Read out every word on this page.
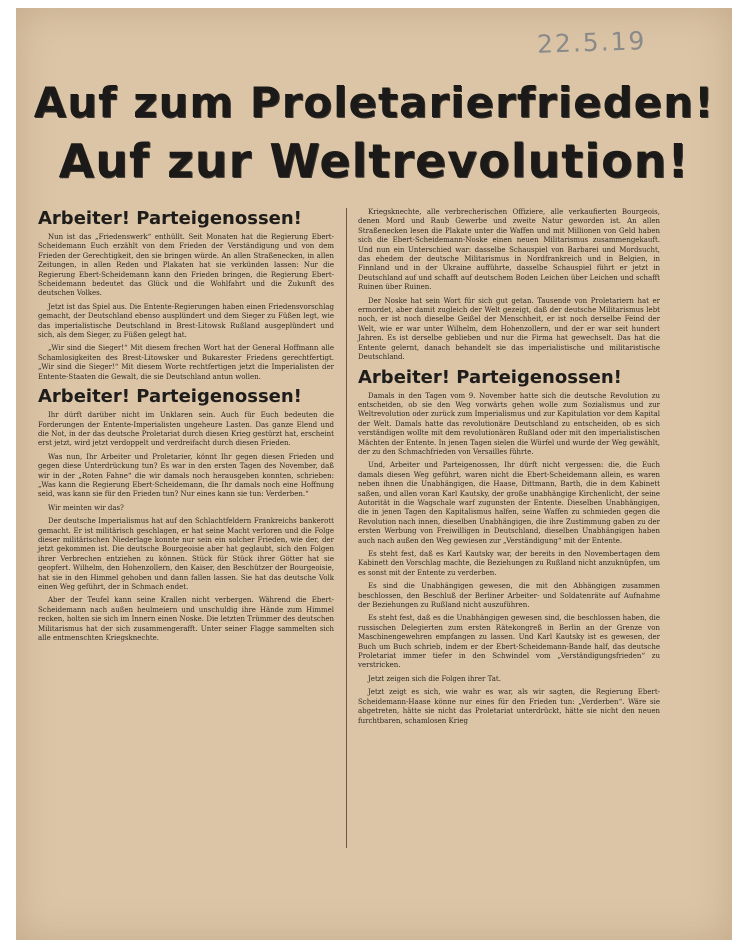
22.5.19
Auf zum Proletarierfrieden!
Auf zur Weltrevolution!
Arbeiter! Parteigenossen!

Nun ist das „Friedenswerk“ enthüllt. Seit Monaten hat die Regierung Ebert-Scheidemann Euch erzählt von dem Frieden der Verständigung und von dem Frieden der Gerechtigkeit, den sie bringen würde. An allen Straßenecken, in allen Zeitungen, in allen Reden und Plakaten hat sie verkünden lassen: Nur die Regierung Ebert-Scheidemann kann den Frieden bringen, die Regierung Ebert-Scheidemann bedeutet das Glück und die Wohlfahrt und die Zukunft des deutschen Volkes.

Jetzt ist das Spiel aus. Die Entente-Regierungen haben einen Friedensvorschlag gemacht, der Deutschland ebenso ausplündert und dem Sieger zu Füßen legt, wie das imperialistische Deutschland in Brest-Litowsk Rußland ausgeplündert und sich, als dem Sieger, zu Füßen gelegt hat.

„Wir sind die Sieger!“ Mit diesem frechen Wort hat der General Hoffmann alle Schamlosigkeiten des Brest-Litowsker und Bukarester Friedens gerechtfertigt. „Wir sind die Sieger!“ Mit diesem Worte rechtfertigen jetzt die Imperialisten der Entente-Staaten die Gewalt, die sie Deutschland antun wollen.

Arbeiter! Parteigenossen!

Ihr dürft darüber nicht im Unklaren sein. Auch für Euch bedeuten die Forderungen der Entente-Imperialisten ungeheure Lasten. Das ganze Elend und die Not, in der das deutsche Proletariat durch diesen Krieg gestürzt hat, erscheint erst jetzt, wird jetzt verdoppelt und verdreifacht durch diesen Frieden.

Was nun, Ihr Arbeiter und Proletarier, könnt Ihr gegen diesen Frieden und gegen diese Unterdrückung tun? Es war in den ersten Tagen des November, daß wir in der „Roten Fahne“ die wir damals noch herausgeben konnten, schrieben: „Was kann die Regierung Ebert-Scheidemann, die Ihr damals noch eine Hoffnung seid, was kann sie für den Frieden tun? Nur eines kann sie tun: Verderben.“

Wir meinten wir das?

Der deutsche Imperialismus hat auf den Schlachtfeldern Frankreichs bankerott gemacht. Er ist militärisch geschlagen, er hat seine Macht verloren und die Folge dieser militärischen Niederlage konnte nur sein ein solcher Frieden, wie der, der jetzt gekommen ist. Die deutsche Bourgeoisie aber hat geglaubt, sich den Folgen ihrer Verbrechen entziehen zu können. Stück für Stück ihrer Götter hat sie geopfert. Wilhelm, den Hohenzollern, den Kaiser, den Beschützer der Bourgeoisie, hat sie in den Himmel gehoben und dann fallen lassen. Sie hat das deutsche Volk einen Weg geführt, der in Schmach endet.

Aber der Teufel kann seine Krallen nicht verbergen. Während die Ebert-Scheidemann nach außen heulmeiern und unschuldig ihre Hände zum Himmel recken, holten sie sich im Innern einen Noske. Die letzten Trümmer des deutschen Militarismus hat der sich zusammengerafft. Unter seiner Flagge sammelten sich alle entmenschten Kriegsknechte.

Kriegsknechte, alle verbrecherischen Offiziere, alle verkaufierten Bourgeois, denen Mord und Raub Gewerbe und zweite Natur geworden ist. An allen Straßenecken lesen die Plakate unter die Waffen und mit Millionen von Geld haben sich die Ebert-Scheidemann-Noske einen neuen Militarismus zusammengekauft. Und nun ein Unterschied war: dasselbe Schauspiel von Barbarei und Mordsucht, das ehedem der deutsche Militarismus in Nordfrankreich und in Belgien, in Finnland und in der Ukraine aufführte, dasselbe Schauspiel führt er jetzt in Deutschland auf und schafft auf deutschem Boden Leichen über Leichen und schafft Ruinen über Ruinen.

Der Noske hat sein Wort für sich gut getan. Tausende von Proletariern hat er ermordet, aber damit zugleich der Welt gezeigt, daß der deutsche Militarismus lebt noch, er ist noch dieselbe Geißel der Menschheit, er ist noch derselbe Feind der Welt, wie er war unter Wilhelm, dem Hohenzollern, und der er war seit hundert Jahren. Es ist derselbe geblieben und nur die Firma hat gewechselt. Das hat die Entente gelernt, danach behandelt sie das imperialistische und militaristische Deutschland.

Arbeiter! Parteigenossen!

Damals in den Tagen vom 9. November hatte sich die deutsche Revolution zu entscheiden, ob sie den Weg vorwärts gehen wolle zum Sozialismus und zur Weltrevolution oder zurück zum Imperialismus und zur Kapitulation vor dem Kapital der Welt. Damals hatte das revolutionäre Deutschland zu entscheiden, ob es sich verständigen wollte mit dem revolutionären Rußland oder mit den imperialistischen Mächten der Entente. In jenen Tagen sielen die Würfel und wurde der Weg gewählt, der zu den Schmachfrieden von Versailles führte.

Und, Arbeiter und Parteigenossen, Ihr dürft nicht vergessen: die, die Euch damals diesen Weg geführt, waren nicht die Ebert-Scheidemann allein, es waren neben ihnen die Unabhängigen, die Haase, Dittmann, Barth, die in dem Kabinett saßen, und allen voran Karl Kautsky, der große unabhängige Kirchenlicht, der seine Autorität in die Wagschale warf zugunsten der Entente. Dieselben Unabhängigen, die in jenen Tagen den Kapitalismus halfen, seine Waffen zu schmieden gegen die Revolution nach innen, dieselben Unabhängigen, die ihre Zustimmung gaben zu der ersten Werbung von Freiwilligen in Deutschland, dieselben Unabhängigen haben auch nach außen den Weg gewiesen zur „Verständigung“ mit der Entente.

Es steht fest, daß es Karl Kautsky war, der bereits in den Novembertagen dem Kabinett den Vorschlag machte, die Beziehungen zu Rußland nicht anzuknüpfen, um es sonst mit der Entente zu verderben.

Es sind die Unabhängigen gewesen, die mit den Abhängigen zusammen beschlossen, den Beschluß der Berliner Arbeiter- und Soldatenräte auf Aufnahme der Beziehungen zu Rußland nicht auszuführen.

Es steht fest, daß es die Unabhängigen gewesen sind, die beschlossen haben, die russischen Delegierten zum ersten Rätekongreß in Berlin an der Grenze von Maschinengewehren empfangen zu lassen. Und Karl Kautsky ist es gewesen, der Buch um Buch schrieb, indem er der Ebert-Scheidemann-Bande half, das deutsche Proletariat immer tiefer in den Schwindel vom „Verständigungsfrieden“ zu verstricken.

Jetzt zeigen sich die Folgen ihrer Tat.

Jetzt zeigt es sich, wie wahr es war, als wir sagten, die Regierung Ebert-Scheidemann-Haase könne nur eines für den Frieden tun: „Verderben“. Wäre sie abgetreten, hätte sie nicht das Proletariat unterdrückt, hätte sie nicht den neuen furchtbaren, schamlosen Krieg
